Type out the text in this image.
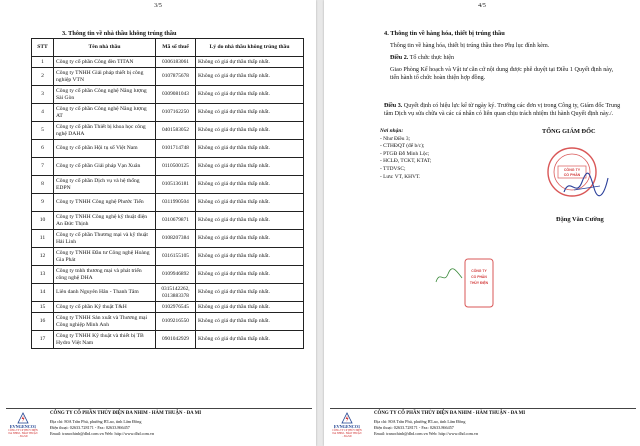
3/5
3. Thông tin về nhà thầu không trúng thầu
STT	Tên nhà thầu	Mã số thuế	Lý do nhà thầu không trúng thầu
1	Công ty cổ phần Công đèn TITAN	0306183061	Không có giá dự thầu thấp nhất.
2	Công ty TNHH Giải pháp thiết bị công nghiệp VTN	0107875678	Không có giá dự thầu thấp nhất.
3	Công ty cổ phần Công nghệ Năng lượng Sài Gòn	0309081043	Không có giá dự thầu thấp nhất.
4	Công ty cổ phần Công nghệ Năng lượng AT	0107162250	Không có giá dự thầu thấp nhất.
5	Công ty cổ phần Thiết bị khoa học công nghệ DAHA	0401583052	Không có giá dự thầu thấp nhất.
6	Công ty cổ phần Hội tụ số Việt Nam	0101714748	Không có giá dự thầu thấp nhất.
7	Công ty cổ phần Giải pháp Vạn Xuân	0110500125	Không có giá dự thầu thấp nhất.
8	Công ty cổ phần Dịch vụ và hệ thống EDPN	0105136181	Không có giá dự thầu thấp nhất.
9	Công ty TNHH Công nghệ Phước Tiến	0311990504	Không có giá dự thầu thấp nhất.
10	Công ty TNHH Công nghệ kỹ thuật điện An Đức Thịnh	0310679871	Không có giá dự thầu thấp nhất.
11	Công ty cổ phần Thương mại và kỹ thuật Hải Linh	0108207384	Không có giá dự thầu thấp nhất.
12	Công ty TNHH Đầu tư Công nghệ Hoàng Gia Phát	0316155105	Không có giá dự thầu thấp nhất.
13	Công ty tnhh thương mại và phát triển công nghệ DHA	0109946892	Không có giá dự thầu thấp nhất.
14	Liên danh Nguyên Hân - Thanh Tâm	0315142262, 0313883378	Không có giá dự thầu thấp nhất.
15	Công ty cổ phần Kỹ thuật T&H	0102976545	Không có giá dự thầu thấp nhất.
16	Công ty TNHH Sản xuất và Thương mại Công nghiệp Minh Anh	0109216550	Không có giá dự thầu thấp nhất.
17	Công ty TNHH Kỹ thuật và thiết bị TB Hydro Việt Nam	0901042929	Không có giá dự thầu thấp nhất.
EVNGENCO1
CÔNG TY CP THỦY ĐIỆN ĐA NHIM - HÀM THUẬN - ĐA MI
CÔNG TY CỔ PHẦN THỦY ĐIỆN ĐA NHIM - HÀM THUẬN - ĐA MI
Địa chỉ: 80A Trần Phú, phường B'Lao, tỉnh Lâm Đồng
Điện thoại: 02633.728171 - Fax: 02633.866457
Email: tranochinh@dhd.com.vn Web: http://www.dhd.com.vn
4/5
4. Thông tin về hàng hóa, thiết bị trúng thầu
Thông tin về hàng hóa, thiết bị trúng thầu theo Phụ lục đính kèm.
Điều 2. Tổ chức thực hiện
Giao Phòng Kế hoạch và Vật tư căn cứ nội dung được phê duyệt tại Điều 1 Quyết định này, tiến hành tổ chức hoàn thiện hợp đồng.
Điều 3. Quyết định có hiệu lực kể từ ngày ký. Trưởng các đơn vị trong Công ty, Giám đốc Trung tâm Dịch vụ sửa chữa và các cá nhân có liên quan chịu trách nhiệm thi hành Quyết định này./.
Nơi nhận:
- Như Điều 3;
- CTHĐQT (để b/c);
- PTGĐ Đỗ Minh Lộc;
- HCLĐ, TCKT, KTAT;
- TTDVSC;
- Lưu: VT, KHVT.
TỔNG GIÁM ĐỐC
CÔNG TY
CỔ PHẦN
Đặng Văn Cường
CÔNG TY
CỔ PHẦN
THỦY ĐIỆN
EVNGENCO1
CÔNG TY CP THỦY ĐIỆN ĐA NHIM - HÀM THUẬN - ĐA MI
CÔNG TY CỔ PHẦN THỦY ĐIỆN ĐA NHIM - HÀM THUẬN - ĐA MI
Địa chỉ: 80A Trần Phú, phường B'Lao, tỉnh Lâm Đồng
Điện thoại: 02633.728171 - Fax: 02633.866457
Email: tranochinh@dhd.com.vn Web: http://www.dhd.com.vn
